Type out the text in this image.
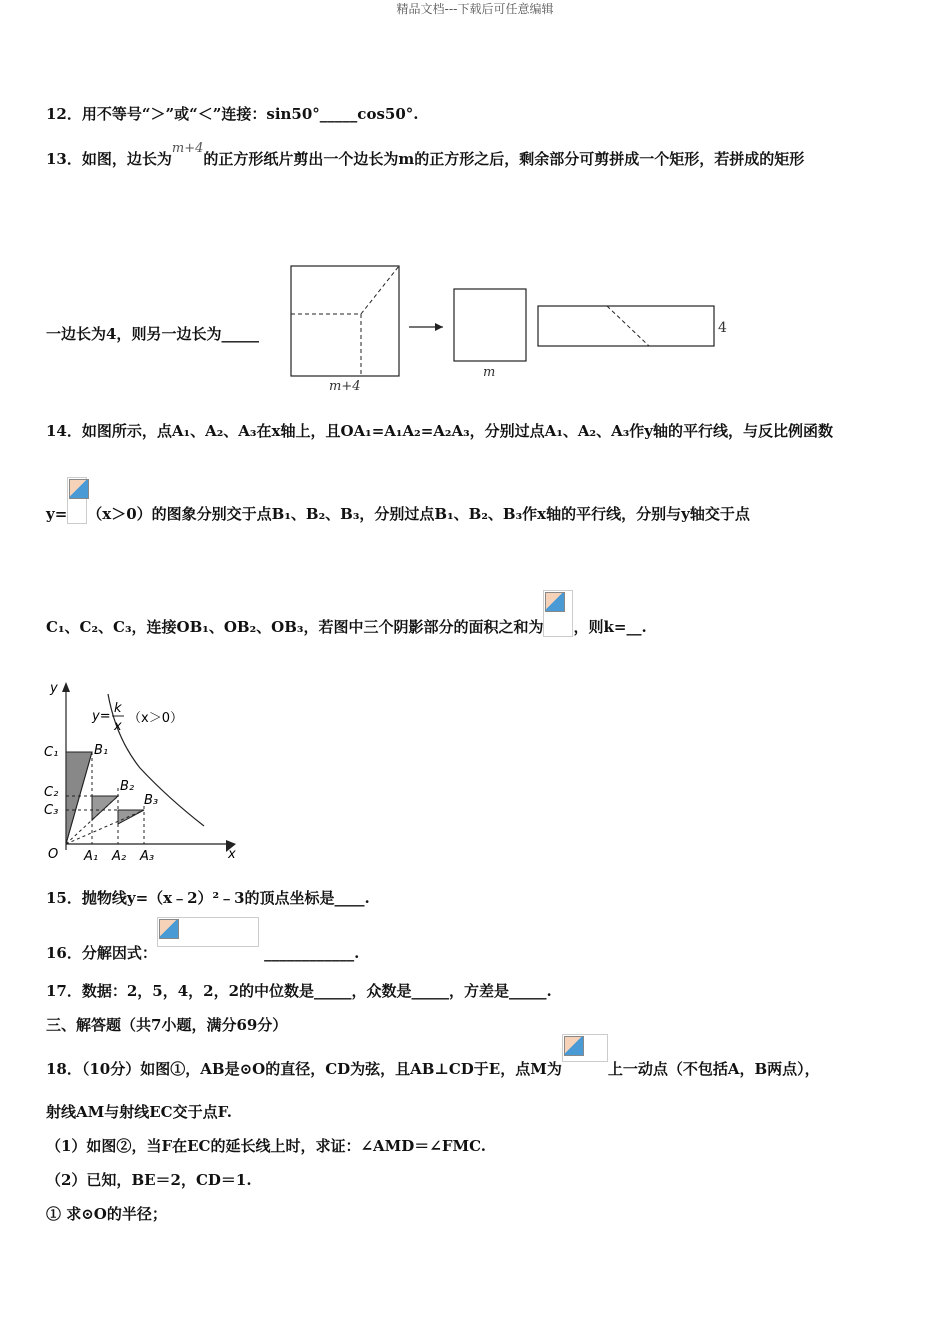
精品文档---下载后可任意编辑
12．用不等号“＞”或“＜”连接：sin50°_____cos50°.
13．如图，边长为m+4的正方形纸片剪出一个边长为m的正方形之后，剩余部分可剪拼成一个矩形，若拼成的矩形
一边长为4，则另一边长为_____
m+4
m
4
14．如图所示，点A₁、A₂、A₃在x轴上，且OA₁=A₁A₂=A₂A₃，分别过点A₁、A₂、A₃作y轴的平行线，与反比例函数
y= （x＞0）的图象分别交于点B₁、B₂、B₃，分别过点B₁、B₂、B₃作x轴的平行线，分别与y轴交于点
C₁、C₂、C₃，连接OB₁、OB₂、OB₃，若图中三个阴影部分的面积之和为 ，则k=__.
y
x
O
y=
k
x
（x＞0）
C₁
C₂
C₃
B₁
B₂
B₃
A₁ A₂ A₃
15．抛物线y=（x﹣2）²﹣3的顶点坐标是____.
16．分解因式：	____________.
17．数据：2，5，4，2，2的中位数是_____，众数是_____，方差是_____.
三、解答题（共7小题，满分69分）
18．（10分）如图①，AB是⊙O的直径，CD为弦，且AB⊥CD于E，点M为	上一动点（不包括A，B两点），
射线AM与射线EC交于点F.
（1）如图②，当F在EC的延长线上时，求证：∠AMD＝∠FMC.
（2）已知，BE＝2，CD＝1.
① 求⊙O的半径；
